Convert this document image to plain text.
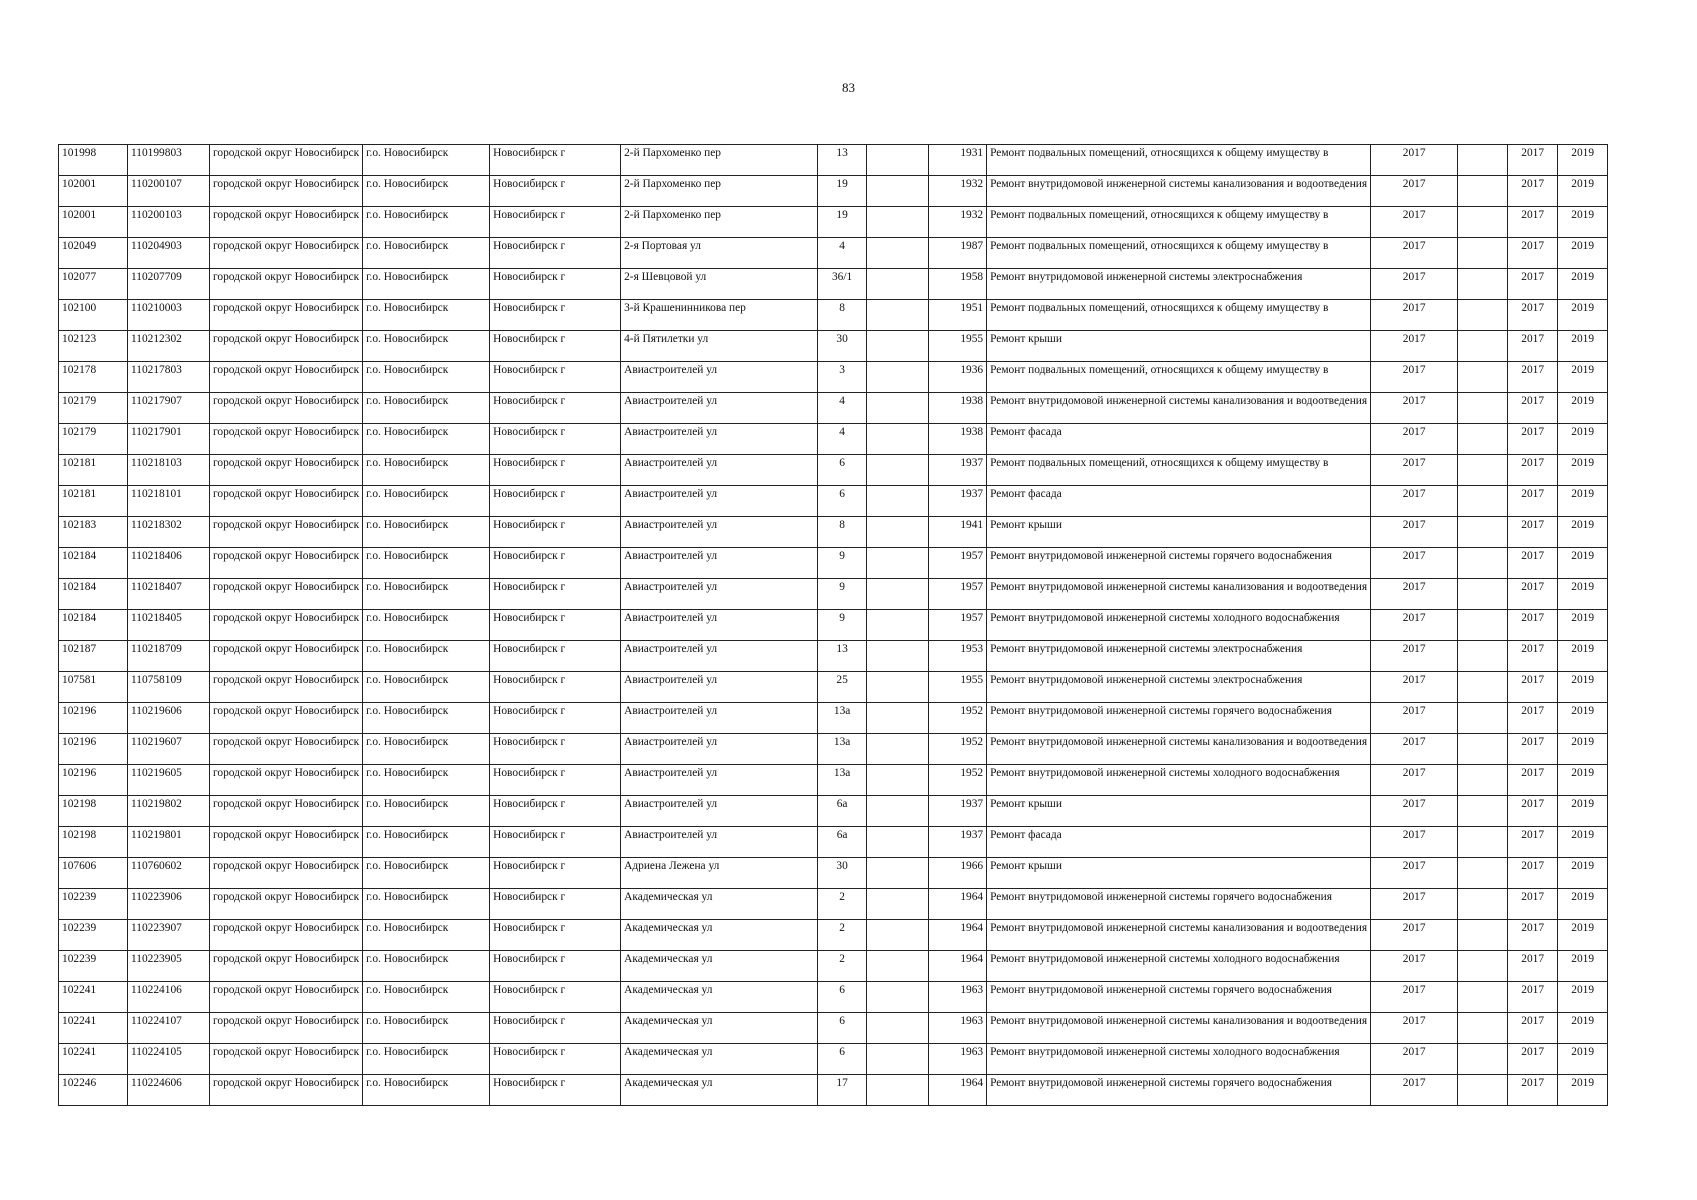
83
101998	110199803	городской округ Новосибирск	г.о. Новосибирск	Новосибирск г	2-й Пархоменко пер	13		1931	Ремонт подвальных помещений, относящихся к общему имуществу в	2017		2017	2019
102001	110200107	городской округ Новосибирск	г.о. Новосибирск	Новосибирск г	2-й Пархоменко пер	19		1932	Ремонт внутридомовой инженерной системы канализования и водоотведения	2017		2017	2019
102001	110200103	городской округ Новосибирск	г.о. Новосибирск	Новосибирск г	2-й Пархоменко пер	19		1932	Ремонт подвальных помещений, относящихся к общему имуществу в	2017		2017	2019
102049	110204903	городской округ Новосибирск	г.о. Новосибирск	Новосибирск г	2-я Портовая ул	4		1987	Ремонт подвальных помещений, относящихся к общему имуществу в	2017		2017	2019
102077	110207709	городской округ Новосибирск	г.о. Новосибирск	Новосибирск г	2-я Шевцовой ул	36/1		1958	Ремонт внутридомовой инженерной системы электроснабжения	2017		2017	2019
102100	110210003	городской округ Новосибирск	г.о. Новосибирск	Новосибирск г	3-й Крашенинникова пер	8		1951	Ремонт подвальных помещений, относящихся к общему имуществу в	2017		2017	2019
102123	110212302	городской округ Новосибирск	г.о. Новосибирск	Новосибирск г	4-й Пятилетки ул	30		1955	Ремонт крыши	2017		2017	2019
102178	110217803	городской округ Новосибирск	г.о. Новосибирск	Новосибирск г	Авиастроителей ул	3		1936	Ремонт подвальных помещений, относящихся к общему имуществу в	2017		2017	2019
102179	110217907	городской округ Новосибирск	г.о. Новосибирск	Новосибирск г	Авиастроителей ул	4		1938	Ремонт внутридомовой инженерной системы канализования и водоотведения	2017		2017	2019
102179	110217901	городской округ Новосибирск	г.о. Новосибирск	Новосибирск г	Авиастроителей ул	4		1938	Ремонт фасада	2017		2017	2019
102181	110218103	городской округ Новосибирск	г.о. Новосибирск	Новосибирск г	Авиастроителей ул	6		1937	Ремонт подвальных помещений, относящихся к общему имуществу в	2017		2017	2019
102181	110218101	городской округ Новосибирск	г.о. Новосибирск	Новосибирск г	Авиастроителей ул	6		1937	Ремонт фасада	2017		2017	2019
102183	110218302	городской округ Новосибирск	г.о. Новосибирск	Новосибирск г	Авиастроителей ул	8		1941	Ремонт крыши	2017		2017	2019
102184	110218406	городской округ Новосибирск	г.о. Новосибирск	Новосибирск г	Авиастроителей ул	9		1957	Ремонт внутридомовой инженерной системы горячего водоснабжения	2017		2017	2019
102184	110218407	городской округ Новосибирск	г.о. Новосибирск	Новосибирск г	Авиастроителей ул	9		1957	Ремонт внутридомовой инженерной системы канализования и водоотведения	2017		2017	2019
102184	110218405	городской округ Новосибирск	г.о. Новосибирск	Новосибирск г	Авиастроителей ул	9		1957	Ремонт внутридомовой инженерной системы холодного водоснабжения	2017		2017	2019
102187	110218709	городской округ Новосибирск	г.о. Новосибирск	Новосибирск г	Авиастроителей ул	13		1953	Ремонт внутридомовой инженерной системы электроснабжения	2017		2017	2019
107581	110758109	городской округ Новосибирск	г.о. Новосибирск	Новосибирск г	Авиастроителей ул	25		1955	Ремонт внутридомовой инженерной системы электроснабжения	2017		2017	2019
102196	110219606	городской округ Новосибирск	г.о. Новосибирск	Новосибирск г	Авиастроителей ул	13а		1952	Ремонт внутридомовой инженерной системы горячего водоснабжения	2017		2017	2019
102196	110219607	городской округ Новосибирск	г.о. Новосибирск	Новосибирск г	Авиастроителей ул	13а		1952	Ремонт внутридомовой инженерной системы канализования и водоотведения	2017		2017	2019
102196	110219605	городской округ Новосибирск	г.о. Новосибирск	Новосибирск г	Авиастроителей ул	13а		1952	Ремонт внутридомовой инженерной системы холодного водоснабжения	2017		2017	2019
102198	110219802	городской округ Новосибирск	г.о. Новосибирск	Новосибирск г	Авиастроителей ул	6а		1937	Ремонт крыши	2017		2017	2019
102198	110219801	городской округ Новосибирск	г.о. Новосибирск	Новосибирск г	Авиастроителей ул	6а		1937	Ремонт фасада	2017		2017	2019
107606	110760602	городской округ Новосибирск	г.о. Новосибирск	Новосибирск г	Адриена Лежена ул	30		1966	Ремонт крыши	2017		2017	2019
102239	110223906	городской округ Новосибирск	г.о. Новосибирск	Новосибирск г	Академическая ул	2		1964	Ремонт внутридомовой инженерной системы горячего водоснабжения	2017		2017	2019
102239	110223907	городской округ Новосибирск	г.о. Новосибирск	Новосибирск г	Академическая ул	2		1964	Ремонт внутридомовой инженерной системы канализования и водоотведения	2017		2017	2019
102239	110223905	городской округ Новосибирск	г.о. Новосибирск	Новосибирск г	Академическая ул	2		1964	Ремонт внутридомовой инженерной системы холодного водоснабжения	2017		2017	2019
102241	110224106	городской округ Новосибирск	г.о. Новосибирск	Новосибирск г	Академическая ул	6		1963	Ремонт внутридомовой инженерной системы горячего водоснабжения	2017		2017	2019
102241	110224107	городской округ Новосибирск	г.о. Новосибирск	Новосибирск г	Академическая ул	6		1963	Ремонт внутридомовой инженерной системы канализования и водоотведения	2017		2017	2019
102241	110224105	городской округ Новосибирск	г.о. Новосибирск	Новосибирск г	Академическая ул	6		1963	Ремонт внутридомовой инженерной системы холодного водоснабжения	2017		2017	2019
102246	110224606	городской округ Новосибирск	г.о. Новосибирск	Новосибирск г	Академическая ул	17		1964	Ремонт внутридомовой инженерной системы горячего водоснабжения	2017		2017	2019
